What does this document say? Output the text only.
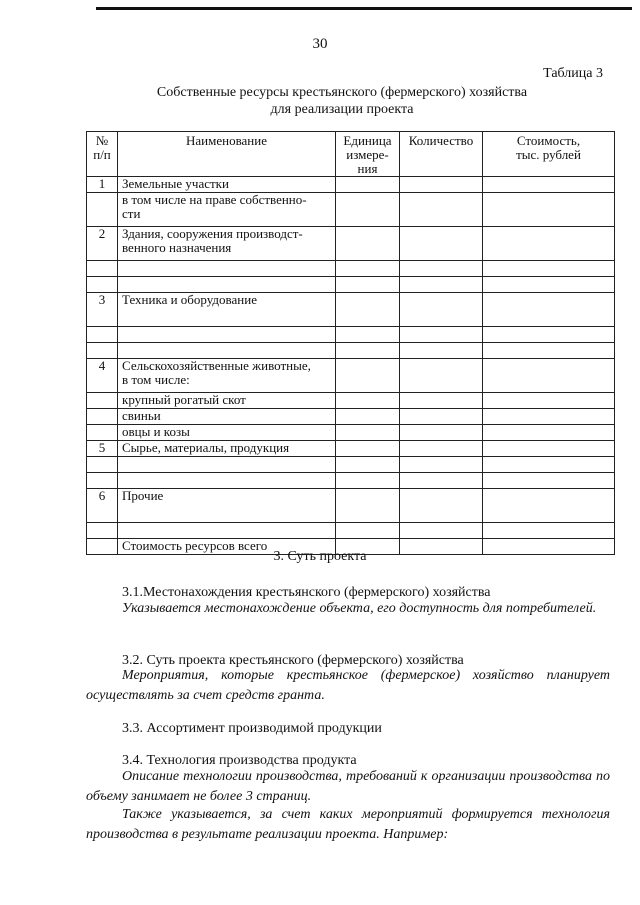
30
Таблица 3
Собственные ресурсы крестьянского (фермерского) хозяйства
для реализации проекта
№
п/п	Наименование	Единица
измере-
ния	Количество	Стоимость,
тыс. рублей

1	Земельные участки			

	в том числе на праве собственно-
сти			

2	Здания, сооружения производст-
венного назначения			

3	Техника и оборудование			

4	Сельскохозяйственные животные,
в том числе:			

	крупный рогатый скот			

	свиньи			

	овцы и козы			

5	Сырье, материалы, продукция			

6	Прочие			

	Стоимость ресурсов всего			

3. Суть проекта
3.1.Местонахождения крестьянского (фермерского) хозяйства
Указывается местонахождение объекта, его доступность для потребителей.
3.2. Суть проекта крестьянского (фермерского) хозяйства
Мероприятия, которые крестьянское (фермерское) хозяйство планирует осуществлять за счет средств гранта.
3.3. Ассортимент производимой продукции
3.4. Технология производства продукта
Описание технологии производства, требований к организации производства по объему занимает не более 3 страниц.
Также указывается, за счет каких мероприятий формируется технология производства в результате реализации проекта. Например:
